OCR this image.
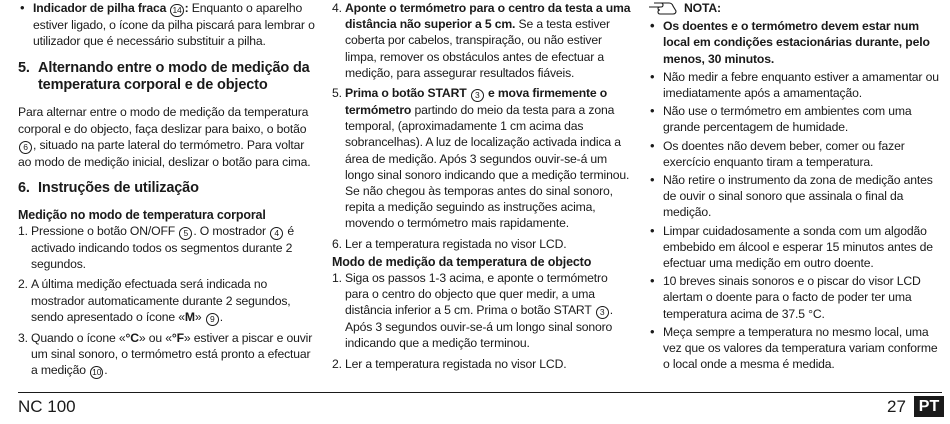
• Indicador de pilha fraca 14 : Enquanto o aparelho estiver ligado, o ícone da pilha piscará para lembrar o utilizador que é necessário substituir a pilha.

5. Alternando entre o modo de medição da temperatura corporal e de objecto

Para alternar entre o modo de medição da temperatura corporal e do objecto, faça deslizar para baixo, o botão 6 , situado na parte lateral do termómetro. Para voltar ao modo de medição inicial, deslizar o botão para cima.

6. Instruções de utilização
Medição no modo de temperatura corporal

1. Pressione o botão ON/OFF 5 . O mostrador 4 é activado indicando todos os segmentos durante 2 segundos.

2. A última medição efectuada será indicada no mostrador automaticamente durante 2 segundos, sendo apresentado o ícone «M» 9 .

3. Quando o ícone «°C» ou «°F» estiver a piscar e ouvir um sinal sonoro, o termómetro está pronto a efectuar a medição 10 .

4. Aponte o termómetro para o centro da testa a uma distância não superior a 5 cm. Se a testa estiver coberta por cabelos, transpiração, ou não estiver limpa, remover os obstáculos antes de efectuar a medição, para assegurar resultados fiáveis.

5. Prima o botão START 3 e mova firmemente o termómetro partindo do meio da testa para a zona temporal, (aproximadamente 1 cm acima das sobrancelhas). A luz de localização activada indica a área de medição. Após 3 segundos ouvir-se-á um longo sinal sonoro indicando que a medição terminou. Se não chegou às temporas antes do sinal sonoro, repita a medição seguindo as instruções acima, movendo o termómetro mais rapidamente.

6. Ler a temperatura registada no visor LCD.

Modo de medição da temperatura de objecto

1. Siga os passos 1-3 acima, e aponte o termómetro para o centro do objecto que quer medir, a uma distância inferior a 5 cm. Prima o botão START 3 . Após 3 segundos ouvir-se-á um longo sinal sonoro indicando que a medição terminou.

2. Ler a temperatura registada no visor LCD.

NOTA:

• Os doentes e o termómetro devem estar num local em condições estacionárias durante, pelo menos, 30 minutos.

• Não medir a febre enquanto estiver a amamentar ou imediatamente após a amamentação.

• Não use o termómetro em ambientes com uma grande percentagem de humidade.

• Os doentes não devem beber, comer ou fazer exercício enquanto tiram a temperatura.

• Não retire o instrumento da zona de medição antes de ouvir o sinal sonoro que assinala o final da medição.

• Limpar cuidadosamente a sonda com um algodão embebido em álcool e esperar 15 minutos antes de efectuar uma medição em outro doente.

• 10 breves sinais sonoros e o piscar do visor LCD alertam o doente para o facto de poder ter uma temperatura acima de 37.5 °C.

• Meça sempre a temperatura no mesmo local, uma vez que os valores da temperatura variam conforme o local onde a mesma é medida.

NC 100	27 PT
